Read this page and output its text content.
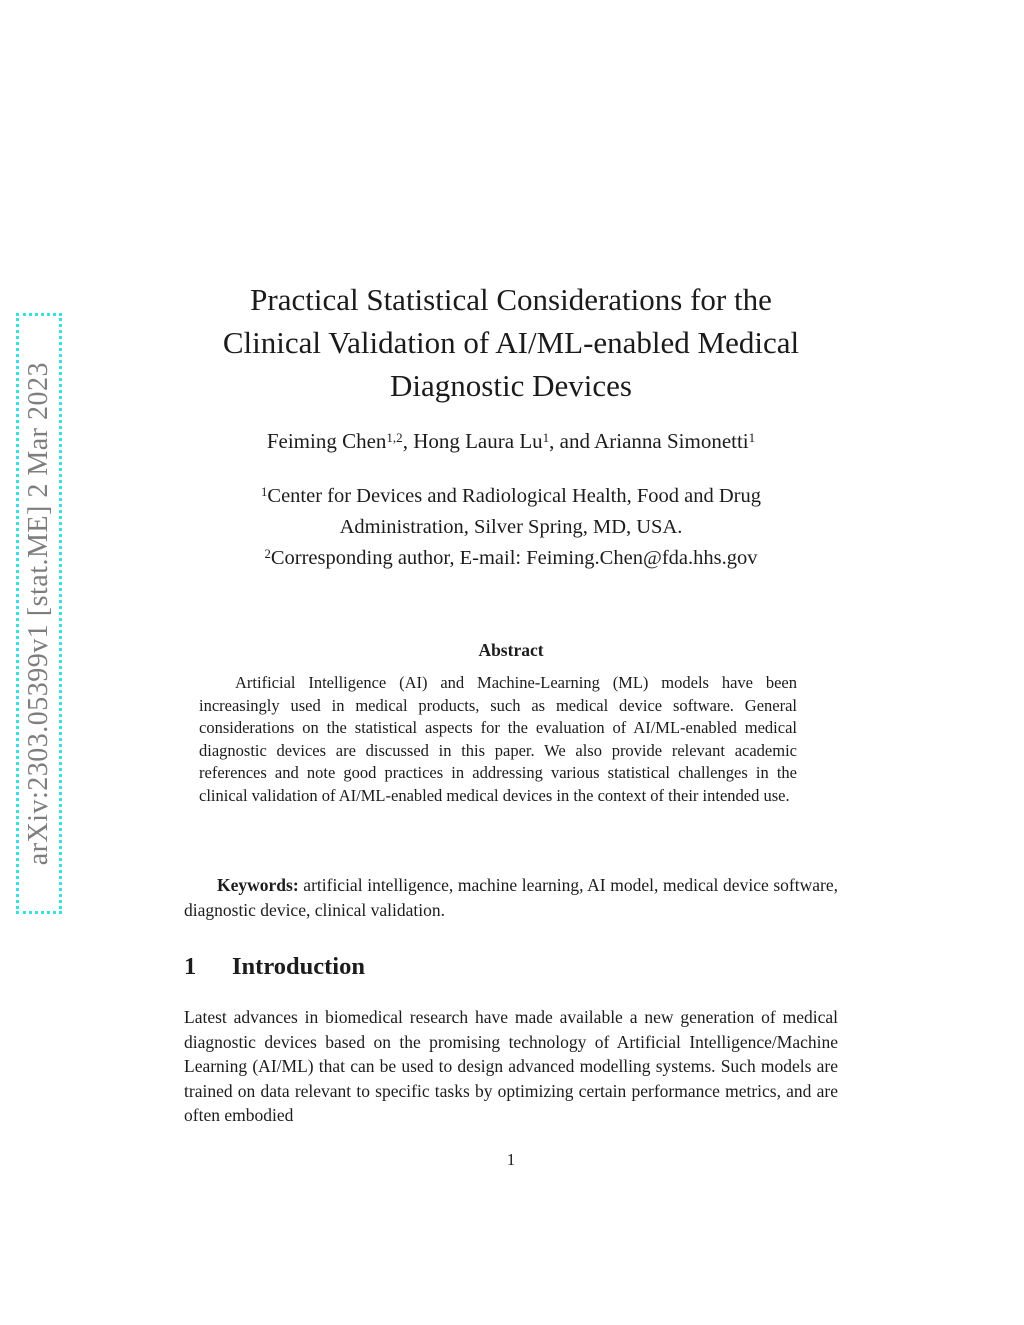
arXiv:2303.05399v1 [stat.ME] 2 Mar 2023
Practical Statistical Considerations for the
Clinical Validation of AI/ML-enabled Medical
Diagnostic Devices
Feiming Chen$^{1,2}$, Hong Laura Lu$^1$, and Arianna Simonetti$^1$
$^1$Center for Devices and Radiological Health, Food and Drug Administration, Silver Spring, MD, USA.
$^2$Corresponding author, E-mail: Feiming.Chen@fda.hhs.gov
Abstract
Artificial Intelligence (AI) and Machine-Learning (ML) models have been increasingly used in medical products, such as medical device software. General considerations on the statistical aspects for the evaluation of AI/ML-enabled medical diagnostic devices are discussed in this paper. We also provide relevant academic references and note good practices in addressing various statistical challenges in the clinical validation of AI/ML-enabled medical devices in the context of their intended use.
Keywords: artificial intelligence, machine learning, AI model, medical device software, diagnostic device, clinical validation.
1 Introduction
Latest advances in biomedical research have made available a new generation of medical diagnostic devices based on the promising technology of Artificial Intelligence/Machine Learning (AI/ML) that can be used to design advanced modelling systems. Such models are trained on data relevant to specific tasks by optimizing certain performance metrics, and are often embodied
1
